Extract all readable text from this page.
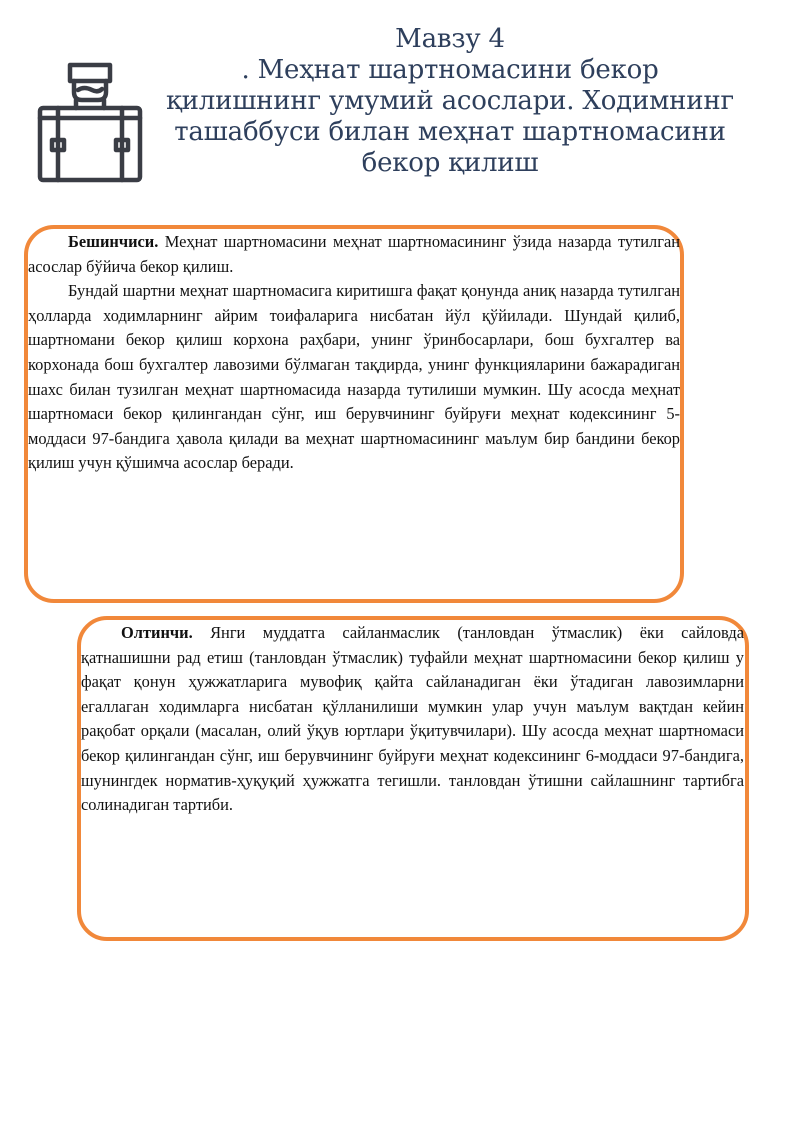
Мавзу 4
. Меҳнат шартномасини бекор
қилишнинг умумий асослари. Ходимнинг
ташаббуси билан меҳнат шартномасини
бекор қилиш

Бешинчиси. Меҳнат шартномасини меҳнат шартномасининг ўзида назарда тутилган асослар бўйича бекор қилиш.

Бундай шартни меҳнат шартномасига киритишга фақат қонунда аниқ назарда тутилган ҳолларда ходимларнинг айрим тоифаларига нисбатан йўл қўйилади. Шундай қилиб, шартномани бекор қилиш корхона раҳбари, унинг ўринбосарлари, бош бухгалтер ва корхонада бош бухгалтер лавозими бўлмаган тақдирда, унинг функцияларини бажарадиган шахс билан тузилган меҳнат шартномасида назарда тутилиши мумкин. Шу асосда меҳнат шартномаси бекор қилингандан сўнг, иш берувчининг буйруғи меҳнат кодексининг 5-моддаси 97-бандига ҳавола қилади ва меҳнат шартномасининг маълум бир бандини бекор қилиш учун қўшимча асослар беради.

Олтинчи. Янги муддатга сайланмаслик (танловдан ўтмаслик) ёки сайловда қатнашишни рад етиш (танловдан ўтмаслик) туфайли меҳнат шартномасини бекор қилиш у фақат қонун ҳужжатларига мувофиқ қайта сайланадиган ёки ўтадиган лавозимларни егаллаган ходимларга нисбатан қўлланилиши мумкин улар учун маълум вақтдан кейин рақобат орқали (масалан, олий ўқув юртлари ўқитувчилари). Шу асосда меҳнат шартномаси бекор қилингандан сўнг, иш берувчининг буйруғи меҳнат кодексининг 6-моддаси 97-бандига, шунингдек норматив-ҳуқуқий ҳужжатга тегишли. танловдан ўтишни сайлашнинг тартибга солинадиган тартиби.
